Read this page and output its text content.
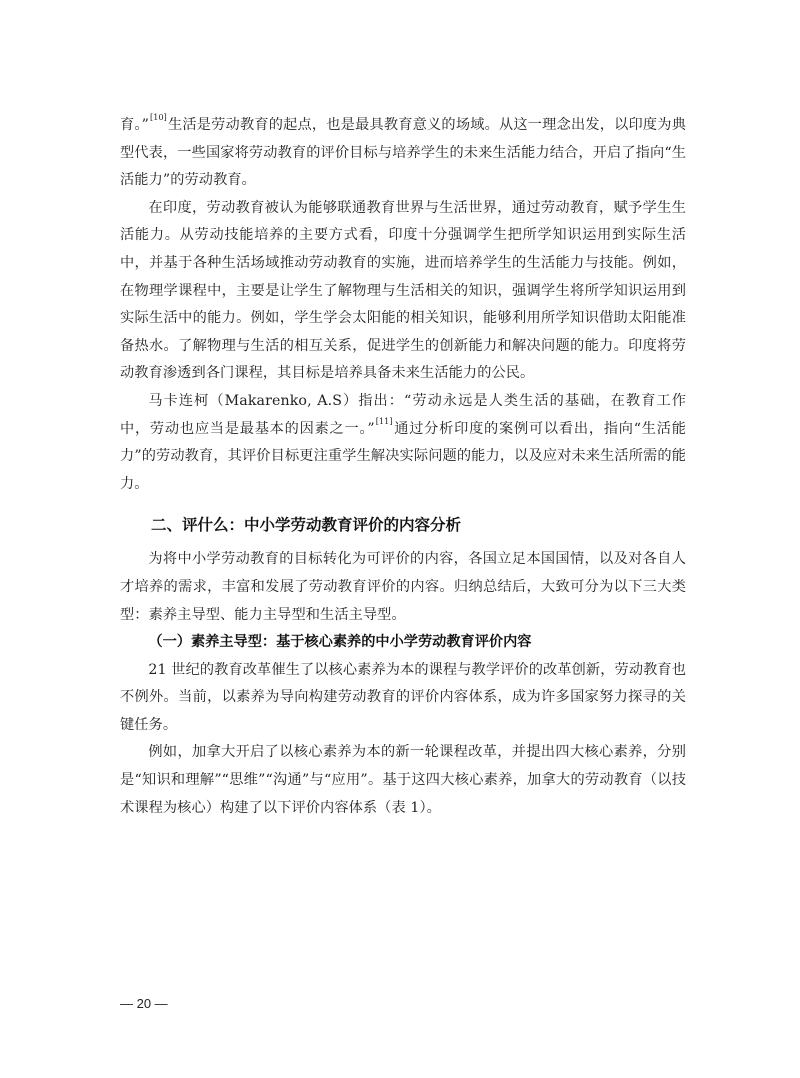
育。”[10]生活是劳动教育的起点，也是最具教育意义的场域。从这一理念出发，以印度为典型代表，一些国家将劳动教育的评价目标与培养学生的未来生活能力结合，开启了指向“生活能力”的劳动教育。

在印度，劳动教育被认为能够联通教育世界与生活世界，通过劳动教育，赋予学生生活能力。从劳动技能培养的主要方式看，印度十分强调学生把所学知识运用到实际生活中，并基于各种生活场域推动劳动教育的实施，进而培养学生的生活能力与技能。例如，在物理学课程中，主要是让学生了解物理与生活相关的知识，强调学生将所学知识运用到实际生活中的能力。例如，学生学会太阳能的相关知识，能够利用所学知识借助太阳能准备热水。了解物理与生活的相互关系，促进学生的创新能力和解决问题的能力。印度将劳动教育渗透到各门课程，其目标是培养具备未来生活能力的公民。

马卡连柯（Makarenko, A.S）指出：“劳动永远是人类生活的基础，在教育工作中，劳动也应当是最基本的因素之一。”[11]通过分析印度的案例可以看出，指向“生活能力”的劳动教育，其评价目标更注重学生解决实际问题的能力，以及应对未来生活所需的能力。

二、评什么：中小学劳动教育评价的内容分析

为将中小学劳动教育的目标转化为可评价的内容，各国立足本国国情，以及对各自人才培养的需求，丰富和发展了劳动教育评价的内容。归纳总结后，大致可分为以下三大类型：素养主导型、能力主导型和生活主导型。

（一）素养主导型：基于核心素养的中小学劳动教育评价内容

21 世纪的教育改革催生了以核心素养为本的课程与教学评价的改革创新，劳动教育也不例外。当前，以素养为导向构建劳动教育的评价内容体系，成为许多国家努力探寻的关键任务。

例如，加拿大开启了以核心素养为本的新一轮课程改革，并提出四大核心素养，分别是“知识和理解”“思维”“沟通”与“应用”。基于这四大核心素养，加拿大的劳动教育（以技术课程为核心）构建了以下评价内容体系（表 1）。

— 20 —
